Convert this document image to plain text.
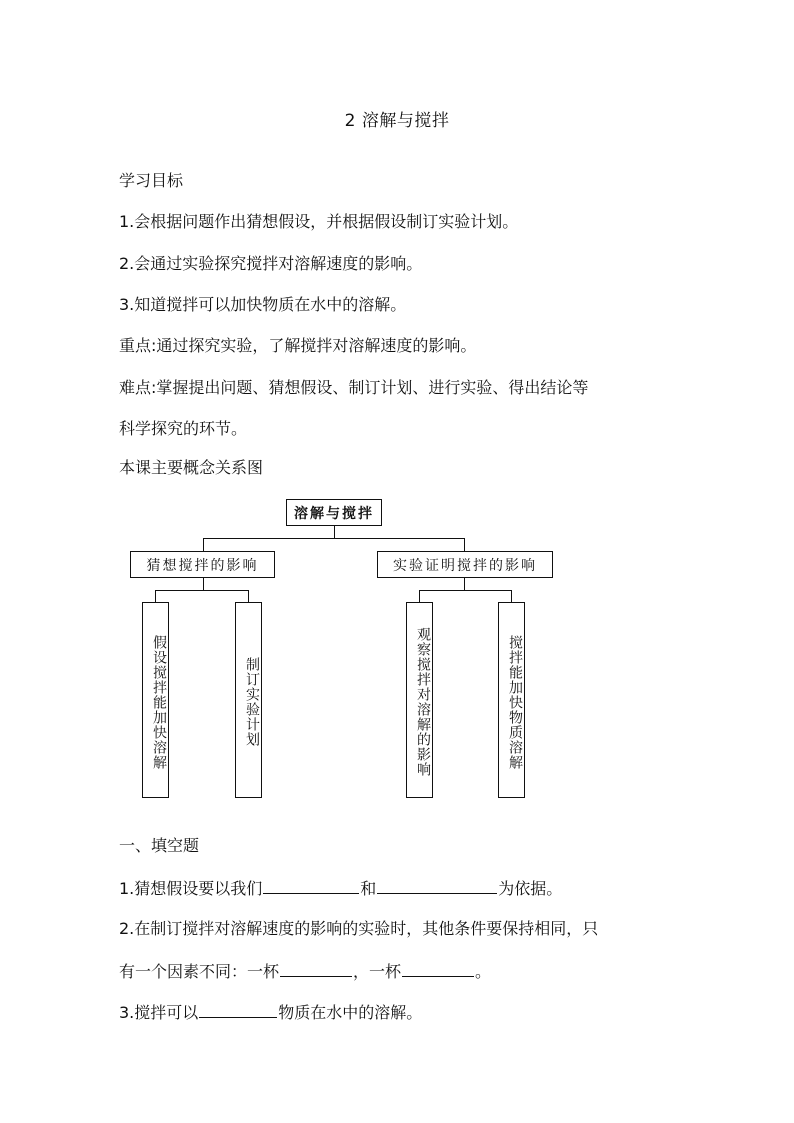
2 溶解与搅拌
学习目标
1.会根据问题作出猜想假设，并根据假设制订实验计划。
2.会通过实验探究搅拌对溶解速度的影响。
3.知道搅拌可以加快物质在水中的溶解。
重点:通过探究实验，了解搅拌对溶解速度的影响。
难点:掌握提出问题、猜想假设、制订计划、进行实验、得出结论等
科学探究的环节。
本课主要概念关系图
溶解与搅拌
猜想搅拌的影响	实验证明搅拌的影响
假设搅拌能加快溶解	制订实验计划	观察搅拌对溶解的影响	搅拌能加快物质溶解
一、填空题
1.猜想假设要以我们	和	为依据。
2.在制订搅拌对溶解速度的影响的实验时，其他条件要保持相同，只
有一个因素不同：一杯	，一杯	。
3.搅拌可以	物质在水中的溶解。
